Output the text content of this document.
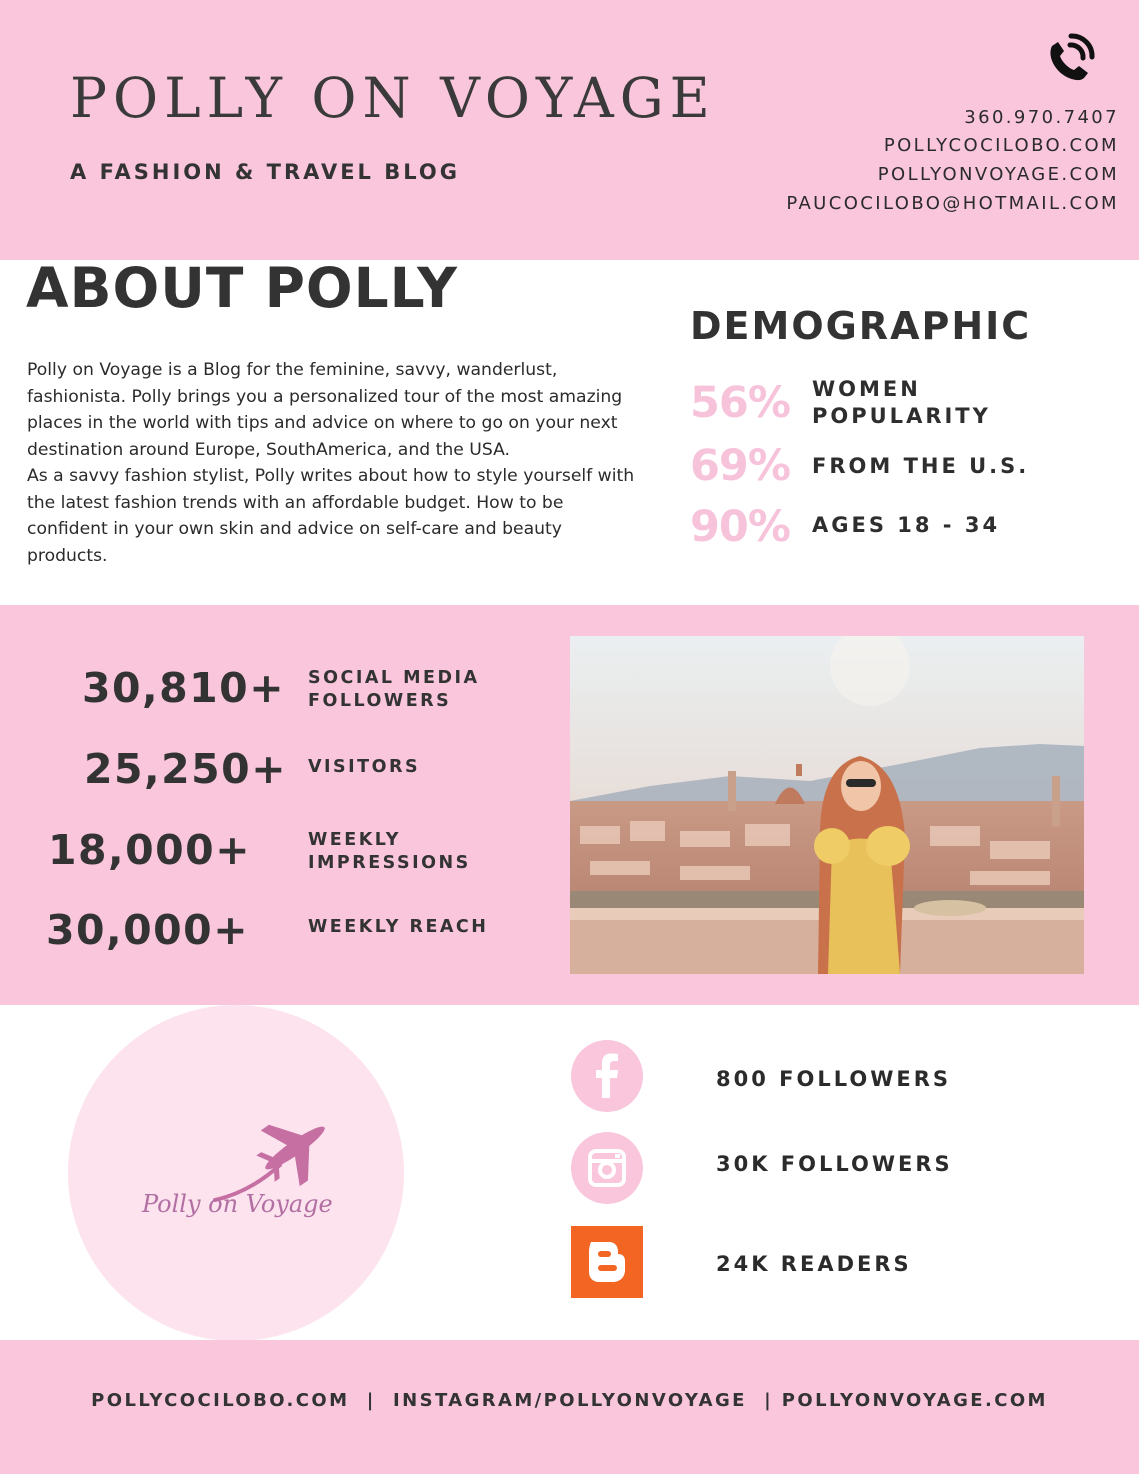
POLLY ON VOYAGE
A FASHION & TRAVEL BLOG
360.970.7407
POLLYCOCILOBO.COM
POLLYONVOYAGE.COM
PAUCOCILOBO@HOTMAIL.COM
ABOUT POLLY

Polly on Voyage is a Blog for the feminine, savvy, wanderlust, fashionista. Polly brings you a personalized tour of the most amazing places in the world with tips and advice on where to go on your next destination around Europe, SouthAmerica, and the USA.

As a savvy fashion stylist, Polly writes about how to style yourself with the latest fashion trends with an affordable budget. How to be confident in your own skin and advice on self-care and beauty products.

DEMOGRAPHIC
56% WOMEN
POPULARITY
69% FROM THE U.S.
90% AGES 18 - 34
30,810+ SOCIAL MEDIA
FOLLOWERS
25,250+ VISITORS
18,000+	WEEKLY
IMPRESSIONS
30,000+	WEEKLY REACH
Polly on Voyage
800 FOLLOWERS
30K FOLLOWERS
24K READERS
POLLYCOCILOBO.COM  |  INSTAGRAM/POLLYONVOYAGE  | POLLYONVOYAGE.COM
